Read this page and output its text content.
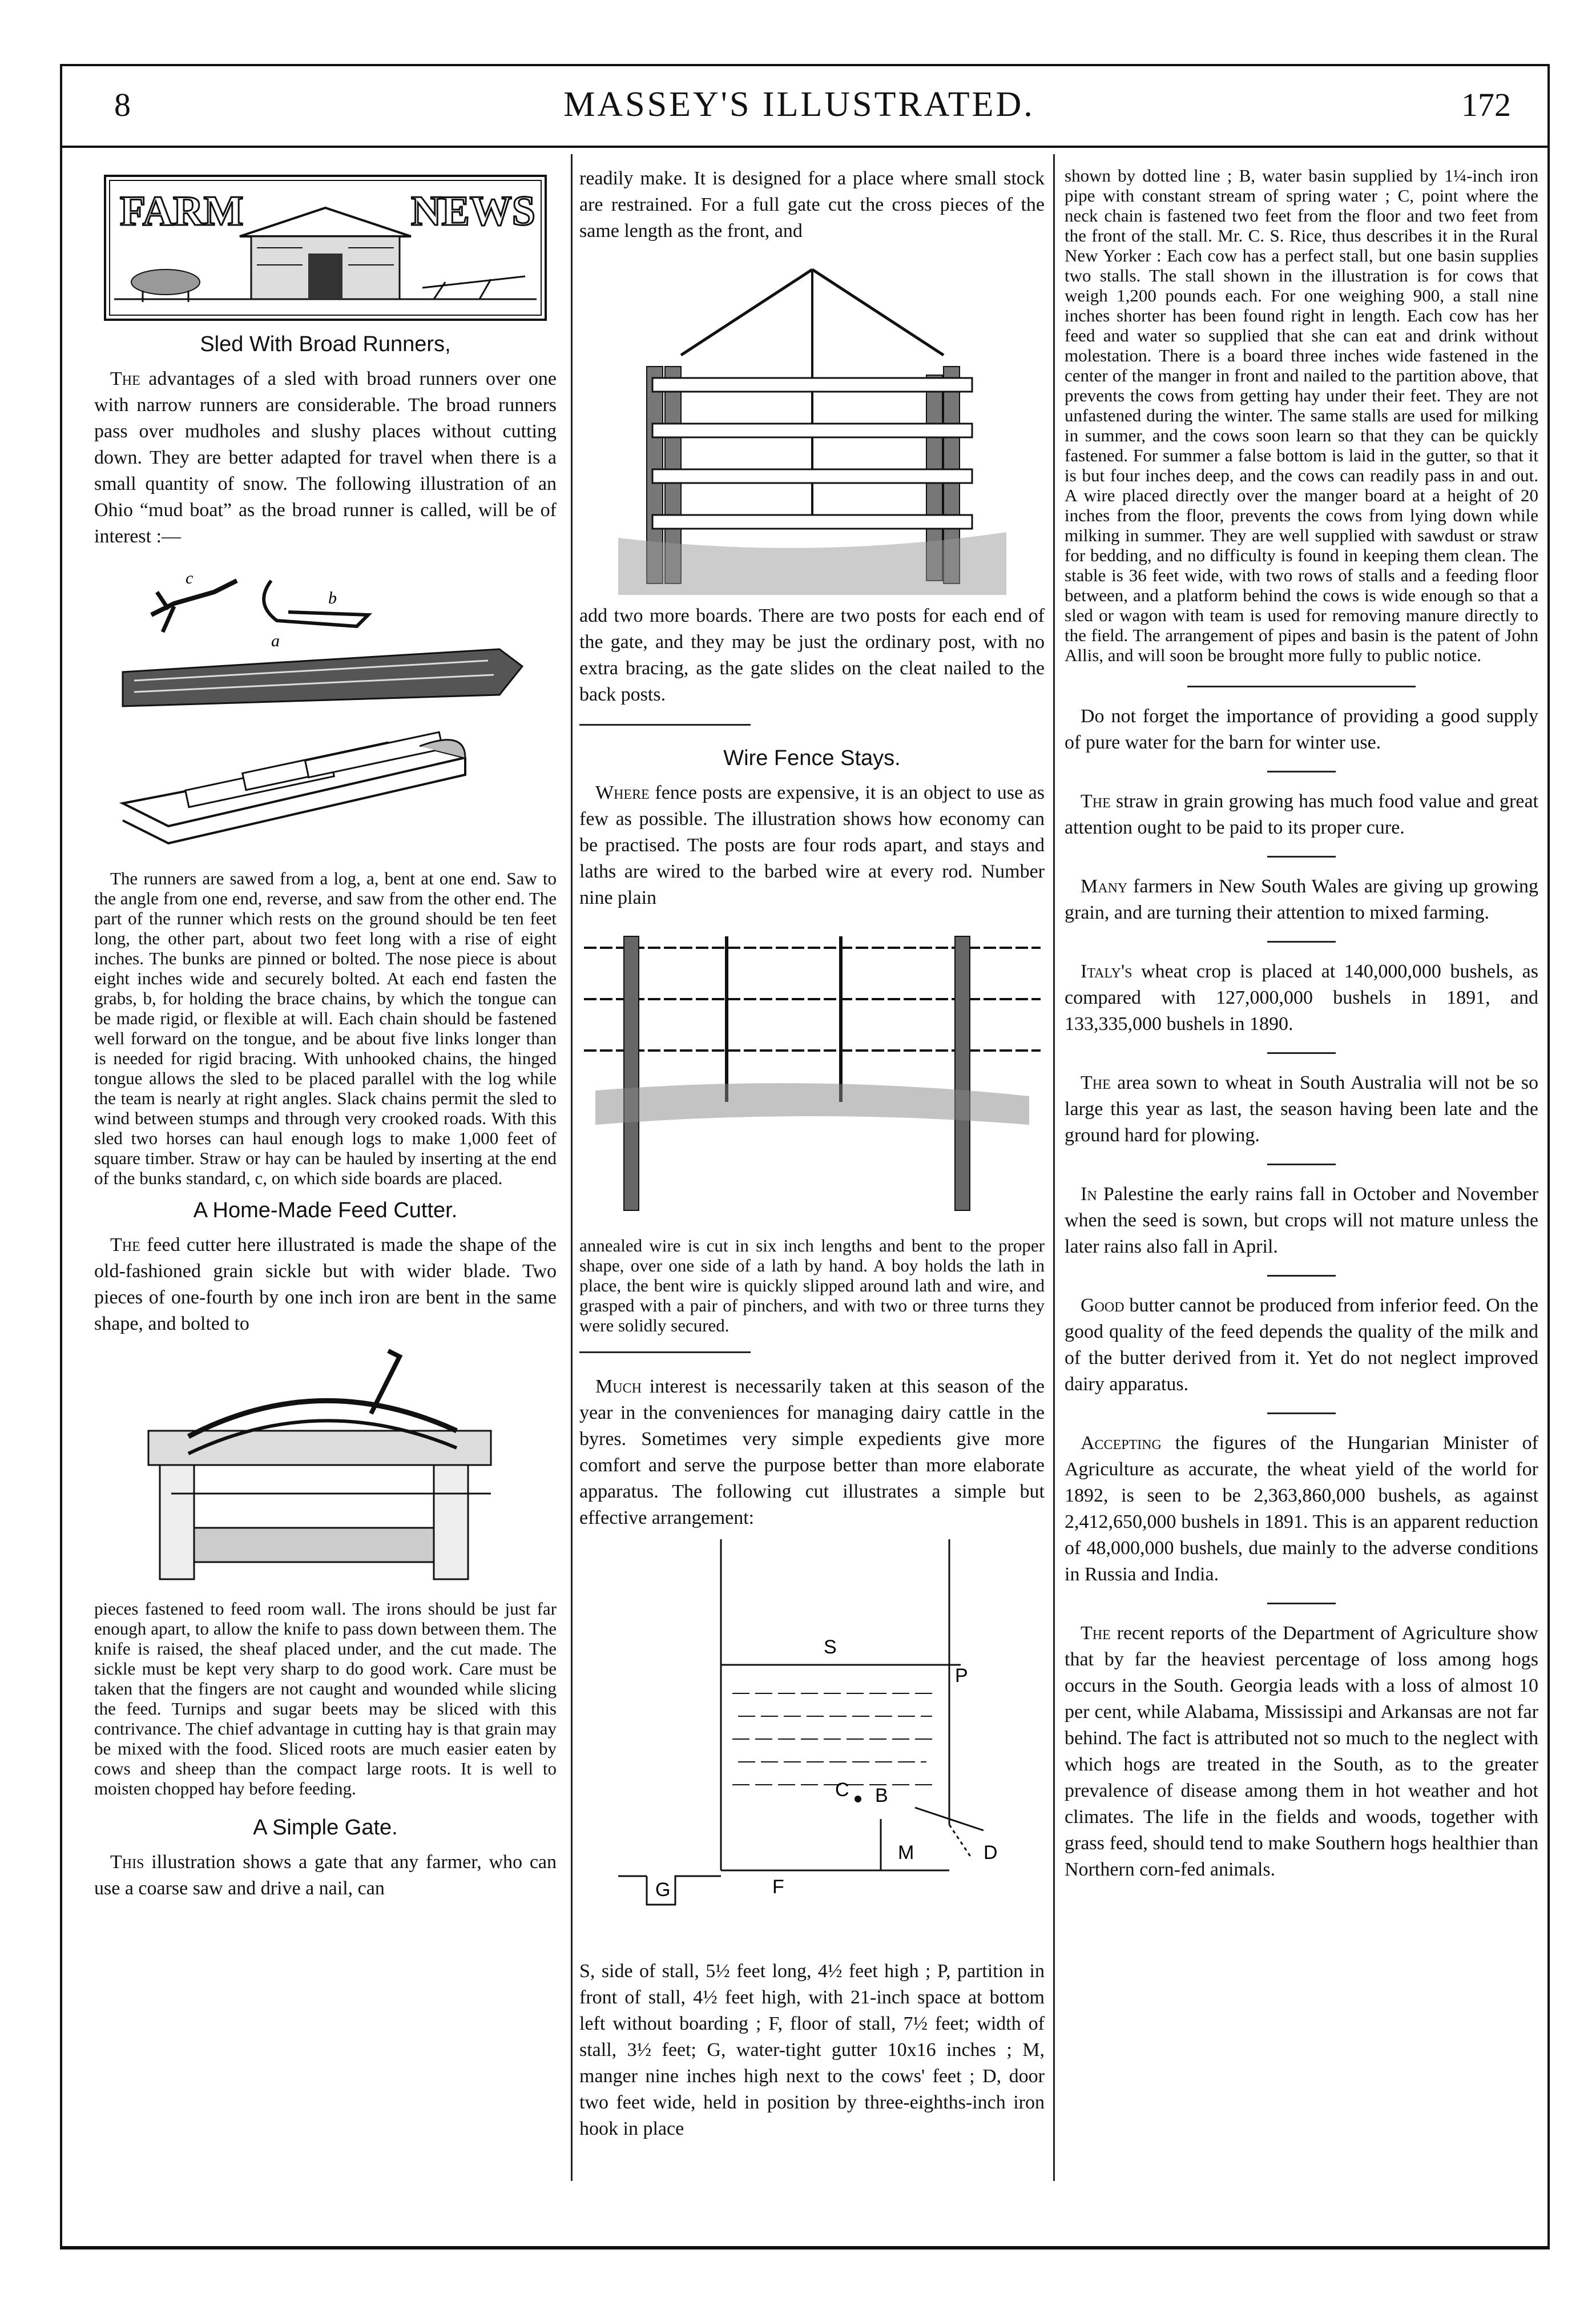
8	MASSEY'S ILLUSTRATED.	172
FARM	NEWS
Sled With Broad Runners,

The advantages of a sled with broad runners over one with narrow runners are considerable. The broad runners pass over mudholes and slushy places without cutting down. They are better adapted for travel when there is a small quantity of snow. The following illustration of an Ohio “mud boat” as the broad runner is called, will be of interest :—

c
b
a

The runners are sawed from a log, a, bent at one end. Saw to the angle from one end, reverse, and saw from the other end. The part of the runner which rests on the ground should be ten feet long, the other part, about two feet long with a rise of eight inches. The bunks are pinned or bolted. The nose piece is about eight inches wide and securely bolted. At each end fasten the grabs, b, for holding the brace chains, by which the tongue can be made rigid, or flexible at will. Each chain should be fastened well forward on the tongue, and be about five links longer than is needed for rigid bracing. With unhooked chains, the hinged tongue allows the sled to be placed parallel with the log while the team is nearly at right angles. Slack chains permit the sled to wind between stumps and through very crooked roads. With this sled two horses can haul enough logs to make 1,000 feet of square timber. Straw or hay can be hauled by inserting at the end of the bunks standard, c, on which side boards are placed.

A Home-Made Feed Cutter.

The feed cutter here illustrated is made the shape of the old-fashioned grain sickle but with wider blade. Two pieces of one-fourth by one inch iron are bent in the same shape, and bolted to

pieces fastened to feed room wall. The irons should be just far enough apart, to allow the knife to pass down between them. The knife is raised, the sheaf placed under, and the cut made. The sickle must be kept very sharp to do good work. Care must be taken that the fingers are not caught and wounded while slicing the feed. Turnips and sugar beets may be sliced with this contrivance. The chief advantage in cutting hay is that grain may be mixed with the food. Sliced roots are much easier eaten by cows and sheep than the compact large roots. It is well to moisten chopped hay before feeding.

A Simple Gate.

This illustration shows a gate that any farmer, who can use a coarse saw and drive a nail, can

readily make. It is designed for a place where small stock are restrained. For a full gate cut the cross pieces of the same length as the front, and

add two more boards. There are two posts for each end of the gate, and they may be just the ordinary post, with no extra bracing, as the gate slides on the cleat nailed to the back posts.

Wire Fence Stays.

Where fence posts are expensive, it is an object to use as few as possible. The illustration shows how economy can be practised. The posts are four rods apart, and stays and laths are wired to the barbed wire at every rod. Number nine plain

annealed wire is cut in six inch lengths and bent to the proper shape, over one side of a lath by hand. A boy holds the lath in place, the bent wire is quickly slipped around lath and wire, and grasped with a pair of pinchers, and with two or three turns they were solidly secured.

Much interest is necessarily taken at this season of the year in the conveniences for managing dairy cattle in the byres. Sometimes very simple expedients give more comfort and serve the purpose better than more elaborate apparatus. The following cut illustrates a simple but effective arrangement:

S
P
C B
G	F
M	D

S, side of stall, 5½ feet long, 4½ feet high ; P, partition in front of stall, 4½ feet high, with 21-inch space at bottom left without boarding ; F, floor of stall, 7½ feet; width of stall, 3½ feet; G, water-tight gutter 10x16 inches ; M, manger nine inches high next to the cows' feet ; D, door two feet wide, held in position by three-eighths-inch iron hook in place

shown by dotted line ; B, water basin supplied by 1¼-inch iron pipe with constant stream of spring water ; C, point where the neck chain is fastened two feet from the floor and two feet from the front of the stall. Mr. C. S. Rice, thus describes it in the Rural New Yorker : Each cow has a perfect stall, but one basin supplies two stalls. The stall shown in the illustration is for cows that weigh 1,200 pounds each. For one weighing 900, a stall nine inches shorter has been found right in length. Each cow has her feed and water so supplied that she can eat and drink without molestation. There is a board three inches wide fastened in the center of the manger in front and nailed to the partition above, that prevents the cows from getting hay under their feet. They are not unfastened during the winter. The same stalls are used for milking in summer, and the cows soon learn so that they can be quickly fastened. For summer a false bottom is laid in the gutter, so that it is but four inches deep, and the cows can readily pass in and out. A wire placed directly over the manger board at a height of 20 inches from the floor, prevents the cows from lying down while milking in summer. They are well supplied with sawdust or straw for bedding, and no difficulty is found in keeping them clean. The stable is 36 feet wide, with two rows of stalls and a feeding floor between, and a platform behind the cows is wide enough so that a sled or wagon with team is used for removing manure directly to the field. The arrangement of pipes and basin is the patent of John Allis, and will soon be brought more fully to public notice.

Do not forget the importance of providing a good supply of pure water for the barn for winter use.

The straw in grain growing has much food value and great attention ought to be paid to its proper cure.

Many farmers in New South Wales are giving up growing grain, and are turning their attention to mixed farming.

Italy's wheat crop is placed at 140,000,000 bushels, as compared with 127,000,000 bushels in 1891, and 133,335,000 bushels in 1890.

The area sown to wheat in South Australia will not be so large this year as last, the season having been late and the ground hard for plowing.

In Palestine the early rains fall in October and November when the seed is sown, but crops will not mature unless the later rains also fall in April.

Good butter cannot be produced from inferior feed. On the good quality of the feed depends the quality of the milk and of the butter derived from it. Yet do not neglect improved dairy apparatus.

Accepting the figures of the Hungarian Minister of Agriculture as accurate, the wheat yield of the world for 1892, is seen to be 2,363,860,000 bushels, as against 2,412,650,000 bushels in 1891. This is an apparent reduction of 48,000,000 bushels, due mainly to the adverse conditions in Russia and India.

The recent reports of the Department of Agriculture show that by far the heaviest percentage of loss among hogs occurs in the South. Georgia leads with a loss of almost 10 per cent, while Alabama, Mississipi and Arkansas are not far behind. The fact is attributed not so much to the neglect with which hogs are treated in the South, as to the greater prevalence of disease among them in hot weather and hot climates. The life in the fields and woods, together with grass feed, should tend to make Southern hogs healthier than Northern corn-fed animals.
